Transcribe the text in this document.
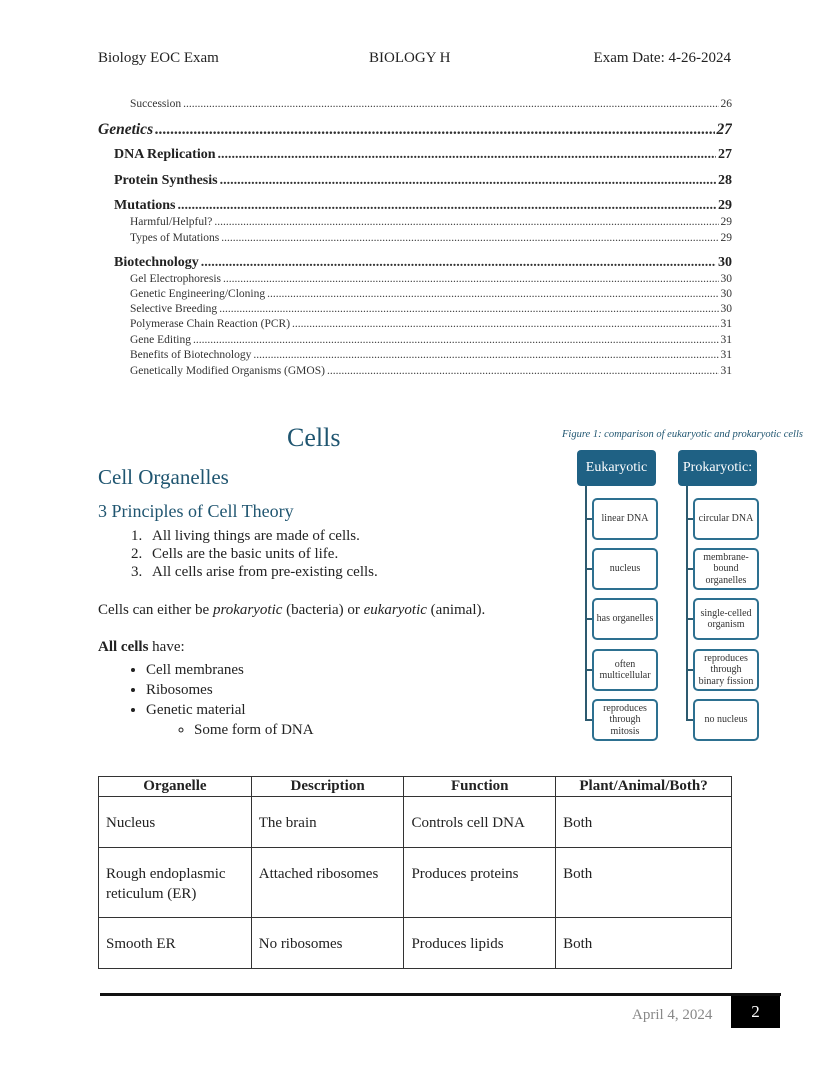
Biology EOC Exam	BIOLOGY H	Exam Date: 4-26-2024
Succession .....	26
Genetics .....	27
DNA Replication .....	27
Protein Synthesis .....	28
Mutations .....	29
Harmful/Helpful? .....	29
Types of Mutations .....	29
Biotechnology .....	30
Gel Electrophoresis .....	30
Genetic Engineering/Cloning .....	30
Selective Breeding .....	30
Polymerase Chain Reaction (PCR) .....	31
Gene Editing .....	31
Benefits of Biotechnology .....	31
Genetically Modified Organisms (GMOS) .....	31
Cells
Cell Organelles
3 Principles of Cell Theory
1. All living things are made of cells.
2. Cells are the basic units of life.
3. All cells arise from pre-existing cells.
Cells can either be prokaryotic (bacteria) or eukaryotic (animal).
All cells have:
• Cell membranes
• Ribosomes
• Genetic material
◦ Some form of DNA
Figure 1: comparison of eukaryotic and prokaryotic cells
Eukaryotic
linear DNA
nucleus
has organelles
often multicellular
reproduces through mitosis
Prokaryotic:
circular DNA
membrane-bound organelles
single-celled organism
reproduces through binary fission
no nucleus
Organelle	Description	Function	Plant/Animal/Both?
Nucleus	The brain	Controls cell DNA	Both
Rough endoplasmic reticulum (ER)	Attached ribosomes	Produces proteins	Both
Smooth ER	No ribosomes	Produces lipids	Both
April 4, 2024	2
